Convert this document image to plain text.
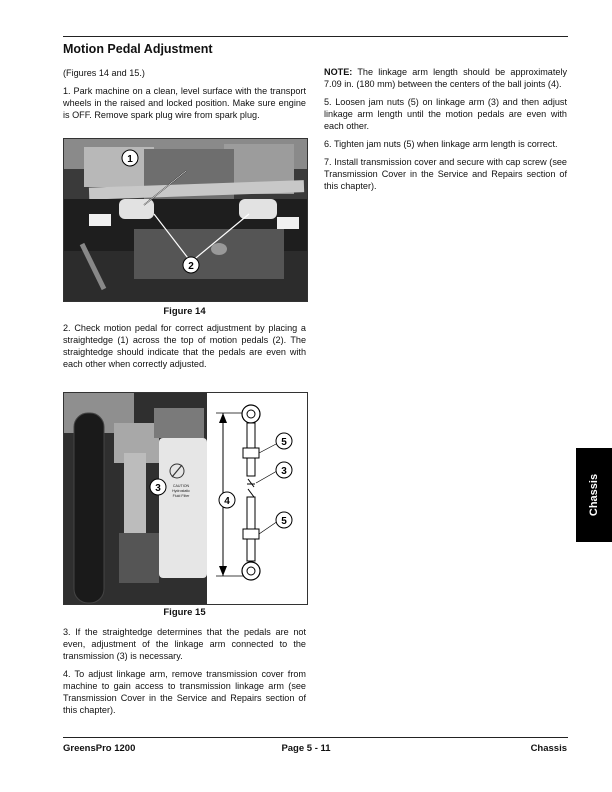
Motion Pedal Adjustment

(Figures 14 and 15.)

1. Park machine on a clean, level surface with the transport wheels in the raised and locked position. Make sure engine is OFF. Remove spark plug wire from spark plug.

1
2
Figure 14

2. Check motion pedal for correct adjustment by placing a straightedge (1) across the top of motion pedals (2). The straightedge should indicate that the pedals are even with each other when correctly adjusted.

CAUTION
Hydrostatic
Fluid Filter
3
5
3
5
4
Figure 15

3. If the straightedge determines that the pedals are not even, adjustment of the linkage arm connected to the transmission (3) is necessary.

4. To adjust linkage arm, remove transmission cover from machine to gain access to transmission linkage arm (see Transmission Cover in the Service and Repairs section of this chapter).

NOTE: The linkage arm length should be approximately 7.09 in. (180 mm) between the centers of the ball joints (4).

5. Loosen jam nuts (5) on linkage arm (3) and then adjust linkage arm length until the motion pedals are even with each other.

6. Tighten jam nuts (5) when linkage arm length is correct.

7. Install transmission cover and secure with cap screw (see Transmission Cover in the Service and Repairs section of this chapter).

Chassis
GreensPro 1200	Page 5 - 11	Chassis
